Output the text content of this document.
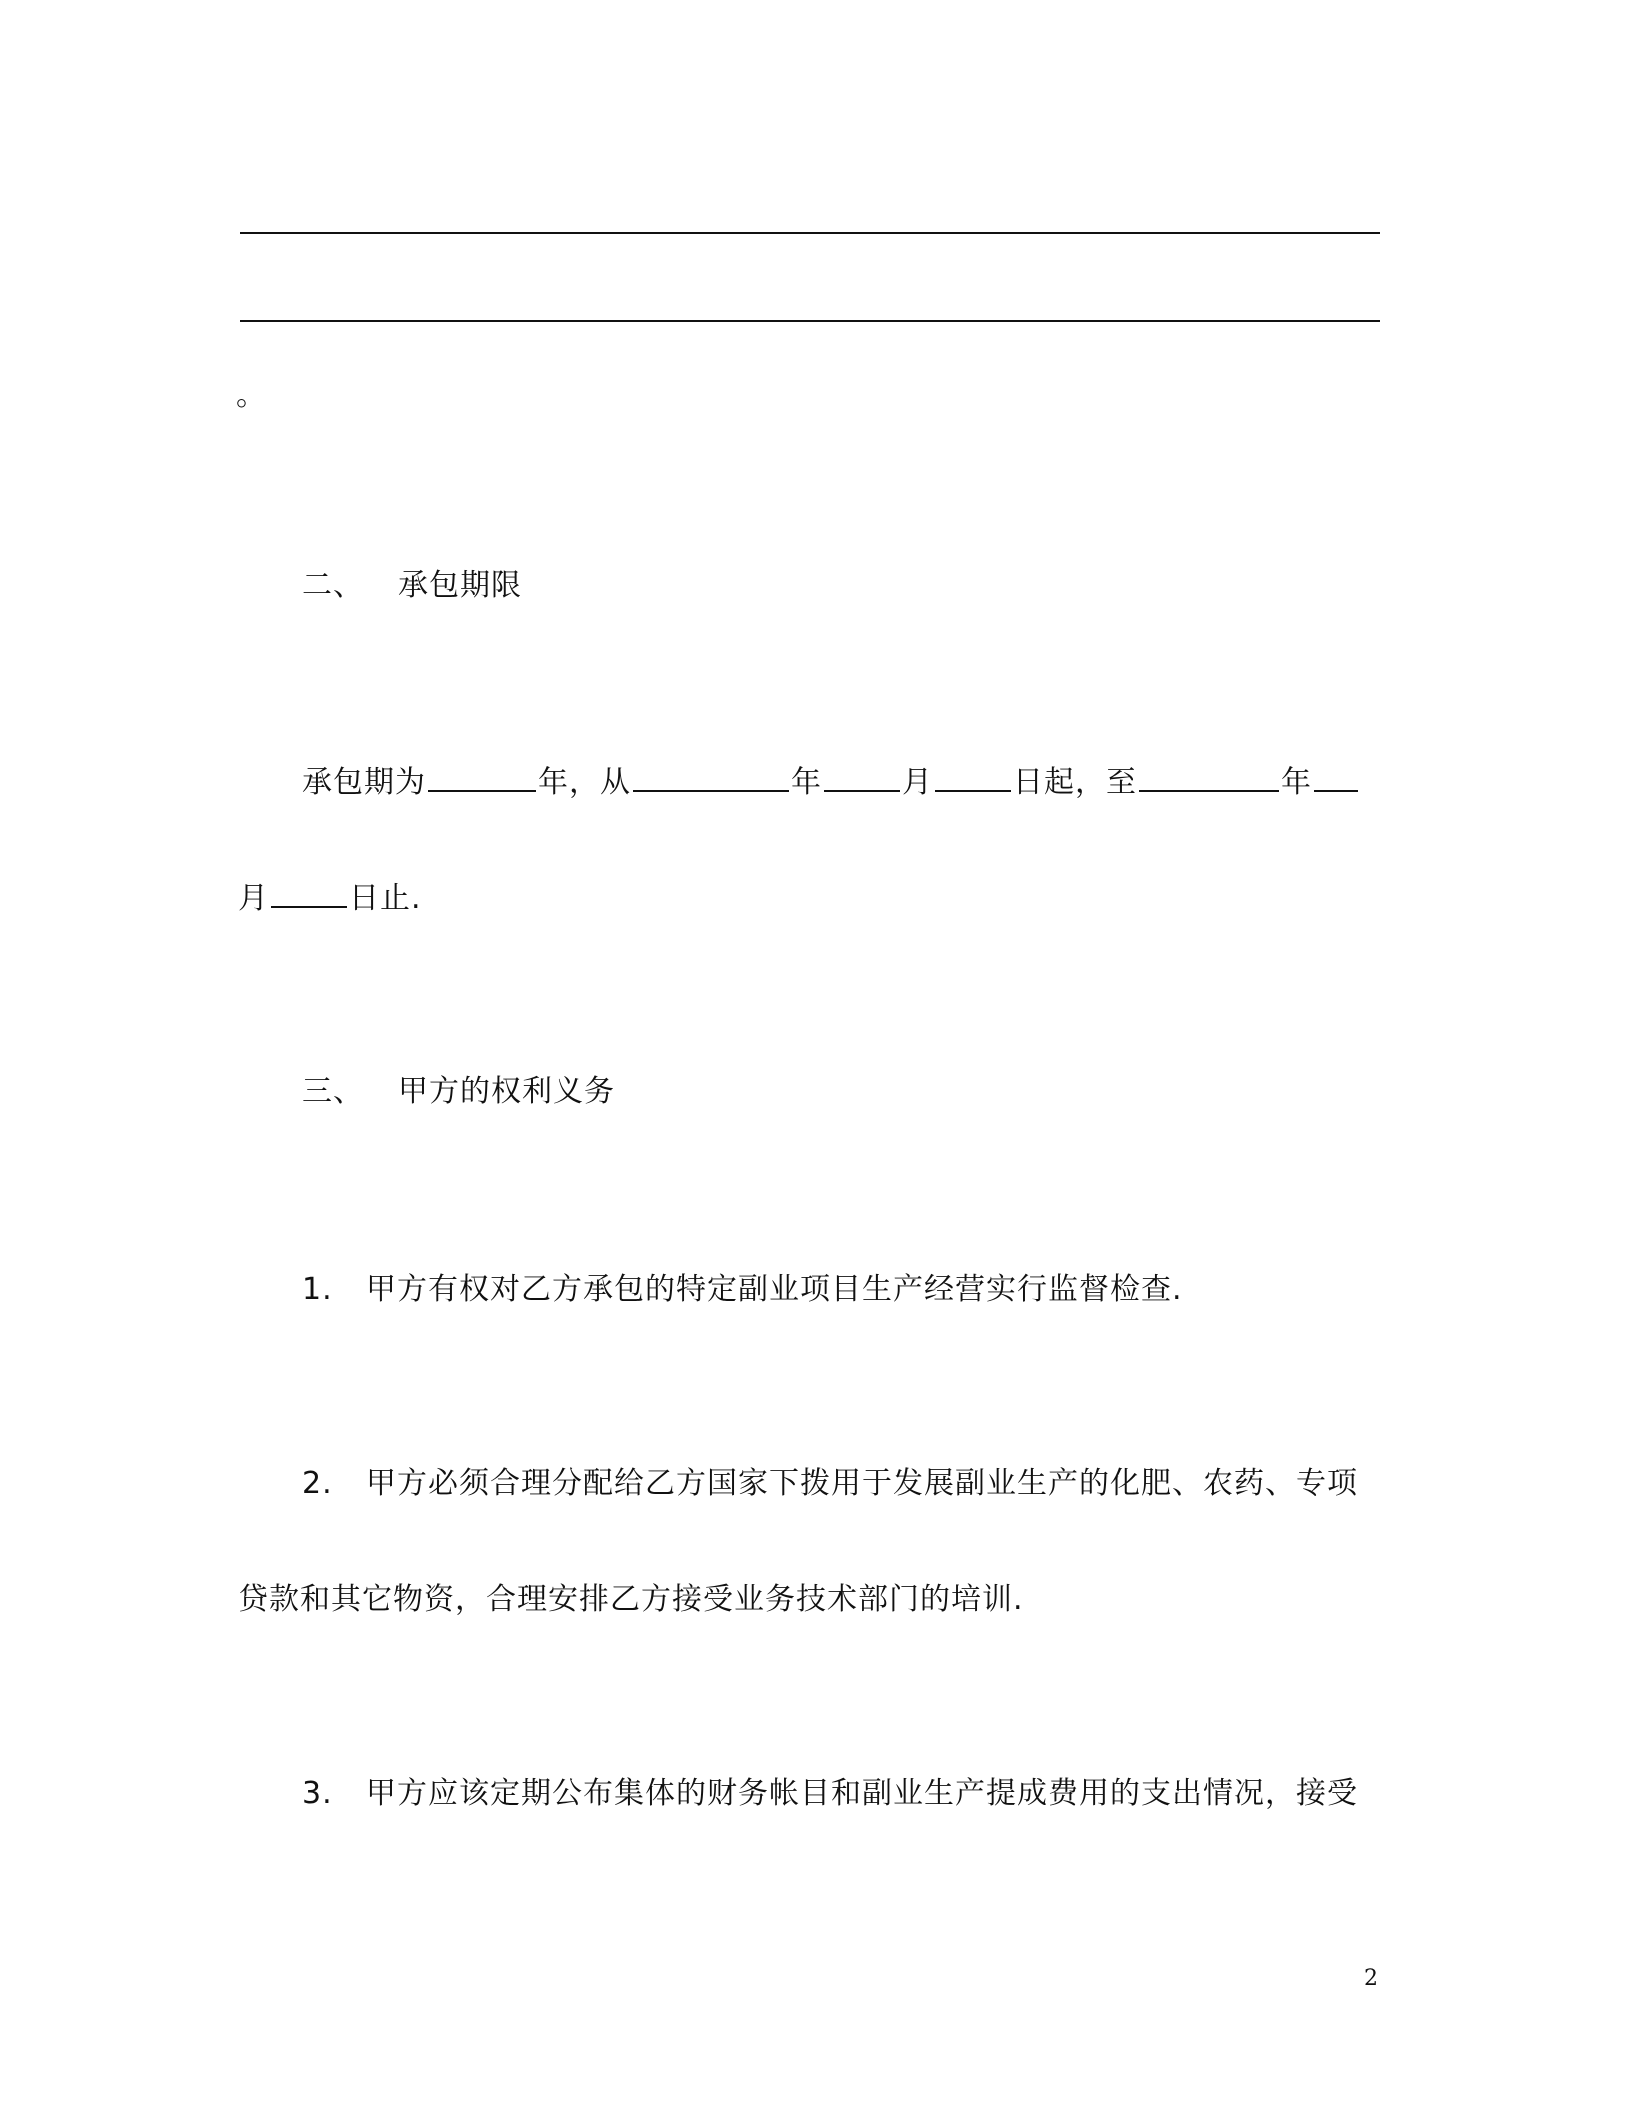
。
二、 承包期限
承包期为	年，从	年	月	日起，至	年
月	日止.
三、 甲方的权利义务
1. 甲方有权对乙方承包的特定副业项目生产经营实行监督检查.
2. 甲方必须合理分配给乙方国家下拨用于发展副业生产的化肥、农药、专项
贷款和其它物资，合理安排乙方接受业务技术部门的培训.
3. 甲方应该定期公布集体的财务帐目和副业生产提成费用的支出情况，接受
2
